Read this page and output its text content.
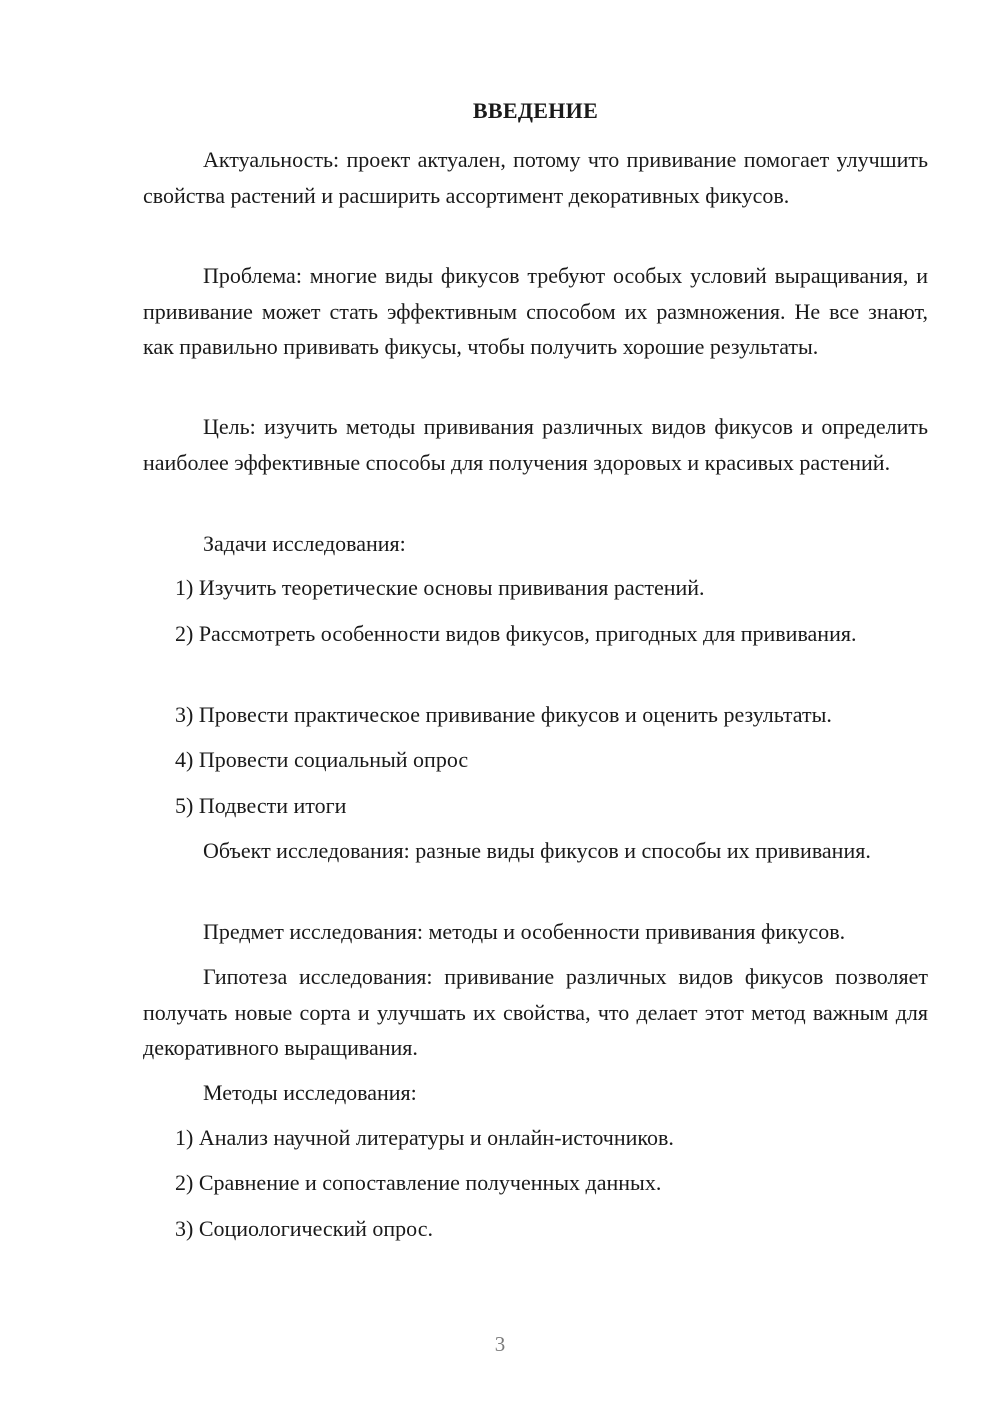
ВВЕДЕНИЕ

Актуальность: проект актуален, потому что прививание помогает улучшить свойства растений и расширить ассортимент декоративных фикусов.

Проблема: многие виды фикусов требуют особых условий выращивания, и прививание может стать эффективным способом их размножения. Не все знают, как правильно прививать фикусы, чтобы получить хорошие результаты.

Цель: изучить методы прививания различных видов фикусов и определить наиболее эффективные способы для получения здоровых и красивых растений.

Задачи исследования:

1) Изучить теоретические основы прививания растений.

2) Рассмотреть особенности видов фикусов, пригодных для прививания.

3) Провести практическое прививание фикусов и оценить результаты.

4) Провести социальный опрос

5) Подвести итоги

Объект исследования: разные виды фикусов и способы их прививания.

Предмет исследования: методы и особенности прививания фикусов.

Гипотеза исследования: прививание различных видов фикусов позволяет получать новые сорта и улучшать их свойства, что делает этот метод важным для декоративного выращивания.

Методы исследования:

1) Анализ научной литературы и онлайн-источников.

2) Сравнение и сопоставление полученных данных.

3) Социологический опрос.

3
